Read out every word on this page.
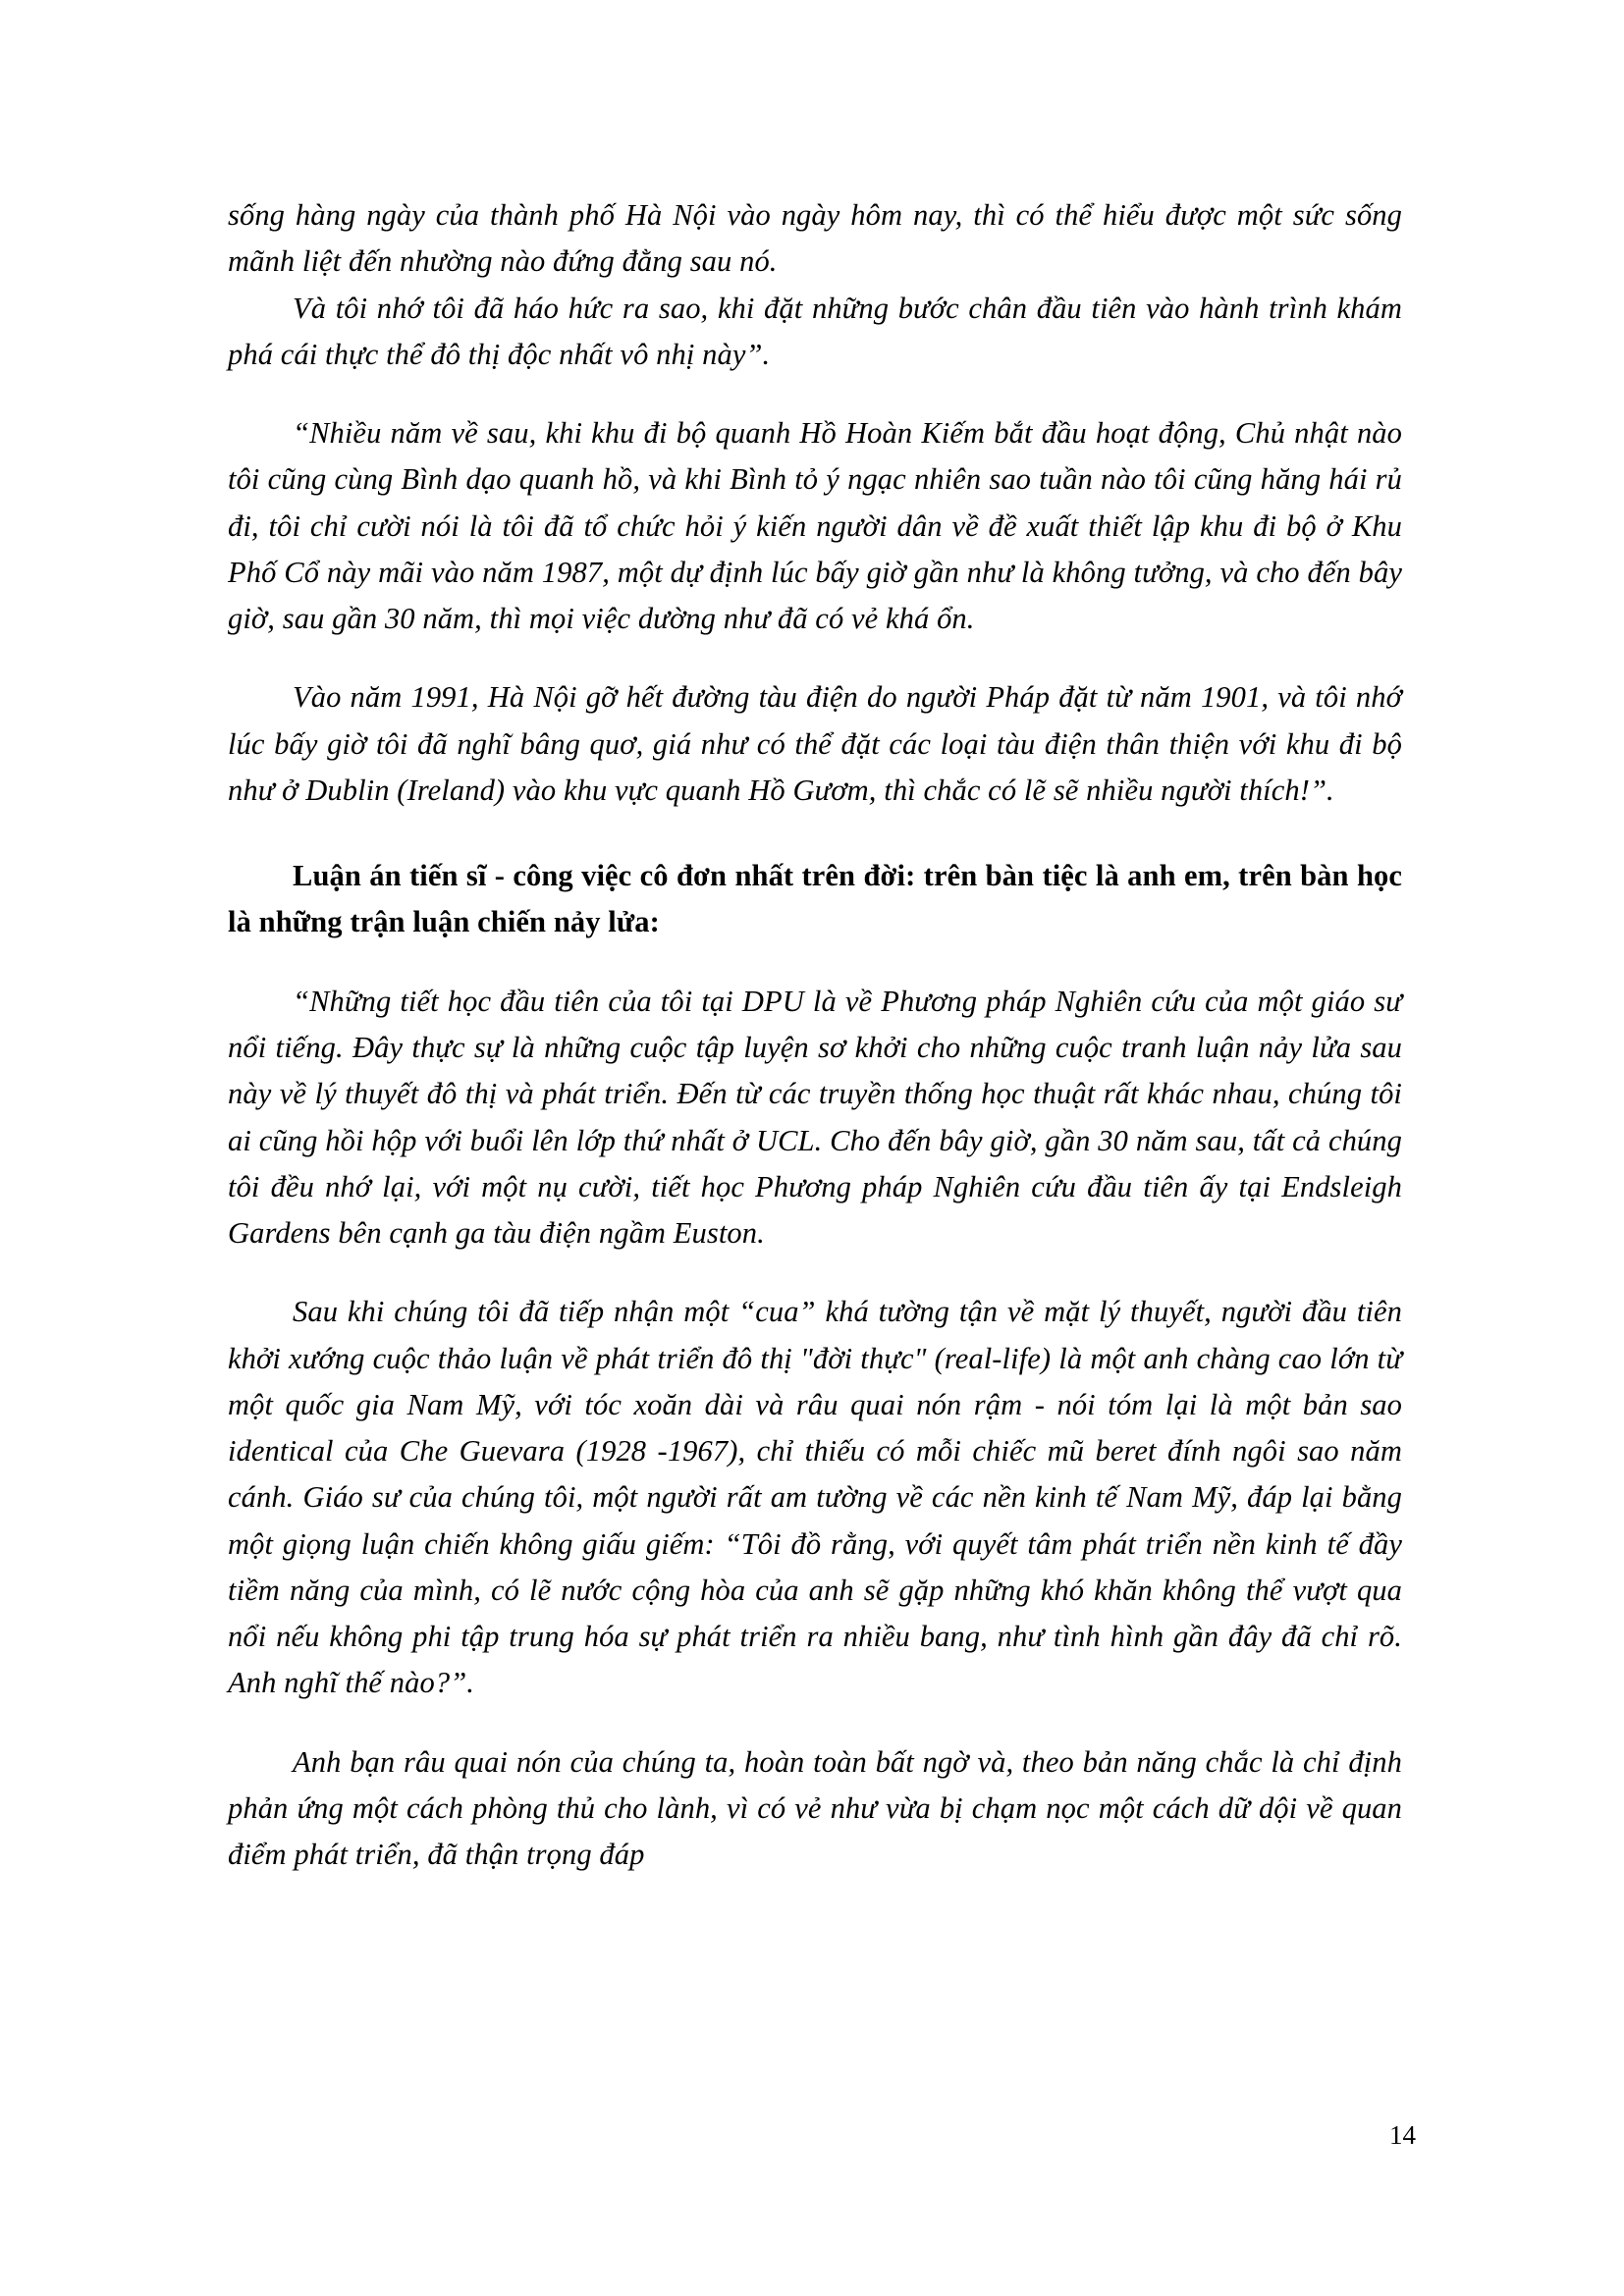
sống hàng ngày của thành phố Hà Nội vào ngày hôm nay, thì có thể hiểu được một sức sống mãnh liệt đến nhường nào đứng đằng sau nó.

Và tôi nhớ tôi đã háo hức ra sao, khi đặt những bước chân đầu tiên vào hành trình khám phá cái thực thể đô thị độc nhất vô nhị này”.

“Nhiều năm về sau, khi khu đi bộ quanh Hồ Hoàn Kiếm bắt đầu hoạt động, Chủ nhật nào tôi cũng cùng Bình dạo quanh hồ, và khi Bình tỏ ý ngạc nhiên sao tuần nào tôi cũng hăng hái rủ đi, tôi chỉ cười nói là tôi đã tổ chức hỏi ý kiến người dân về đề xuất thiết lập khu đi bộ ở Khu Phố Cổ này mãi vào năm 1987, một dự định lúc bấy giờ gần như là không tưởng, và cho đến bây giờ, sau gần 30 năm, thì mọi việc dường như đã có vẻ khá ổn.

Vào năm 1991, Hà Nội gỡ hết đường tàu điện do người Pháp đặt từ năm 1901, và tôi nhớ lúc bấy giờ tôi đã nghĩ bâng quơ, giá như có thể đặt các loại tàu điện thân thiện với khu đi bộ như ở Dublin (Ireland) vào khu vực quanh Hồ Gươm, thì chắc có lẽ sẽ nhiều người thích!”.

Luận án tiến sĩ - công việc cô đơn nhất trên đời: trên bàn tiệc là anh em, trên bàn học là những trận luận chiến nảy lửa:

“Những tiết học đầu tiên của tôi tại DPU là về Phương pháp Nghiên cứu của một giáo sư nổi tiếng. Đây thực sự là những cuộc tập luyện sơ khởi cho những cuộc tranh luận nảy lửa sau này về lý thuyết đô thị và phát triển. Đến từ các truyền thống học thuật rất khác nhau, chúng tôi ai cũng hồi hộp với buổi lên lớp thứ nhất ở UCL. Cho đến bây giờ, gần 30 năm sau, tất cả chúng tôi đều nhớ lại, với một nụ cười, tiết học Phương pháp Nghiên cứu đầu tiên ấy tại Endsleigh Gardens bên cạnh ga tàu điện ngầm Euston.

Sau khi chúng tôi đã tiếp nhận một “cua” khá tường tận về mặt lý thuyết, người đầu tiên khởi xướng cuộc thảo luận về phát triển đô thị "đời thực" (real-life) là một anh chàng cao lớn từ một quốc gia Nam Mỹ, với tóc xoăn dài và râu quai nón rậm - nói tóm lại là một bản sao identical của Che Guevara (1928 -1967), chỉ thiếu có mỗi chiếc mũ beret đính ngôi sao năm cánh. Giáo sư của chúng tôi, một người rất am tường về các nền kinh tế Nam Mỹ, đáp lại bằng một giọng luận chiến không giấu giếm: “Tôi đồ rằng, với quyết tâm phát triển nền kinh tế đầy tiềm năng của mình, có lẽ nước cộng hòa của anh sẽ gặp những khó khăn không thể vượt qua nổi nếu không phi tập trung hóa sự phát triển ra nhiều bang, như tình hình gần đây đã chỉ rõ. Anh nghĩ thế nào?”.

Anh bạn râu quai nón của chúng ta, hoàn toàn bất ngờ và, theo bản năng chắc là chỉ định phản ứng một cách phòng thủ cho lành, vì có vẻ như vừa bị chạm nọc một cách dữ dội về quan điểm phát triển, đã thận trọng đáp

14
